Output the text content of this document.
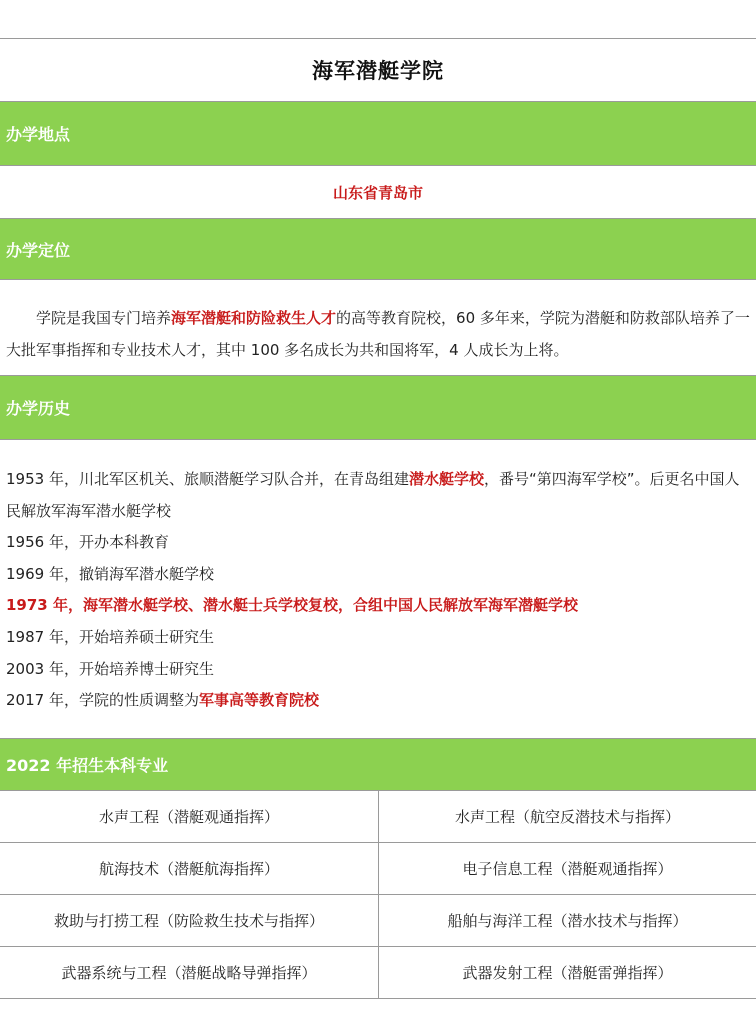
海军潜艇学院
办学地点
山东省青岛市
办学定位

学院是我国专门培养海军潜艇和防险救生人才的高等教育院校，60 多年来，学院为潜艇和防救部队培养了一大批军事指挥和专业技术人才，其中 100 多名成长为共和国将军，4 人成长为上将。

办学历史
1953 年，川北军区机关、旅顺潜艇学习队合并，在青岛组建潜水艇学校，番号“第四海军学校”。后更名中国人民解放军海军潜水艇学校
1956 年，开办本科教育
1969 年，撤销海军潜水艇学校
1973 年，海军潜水艇学校、潜水艇士兵学校复校，合组中国人民解放军海军潜艇学校
1987 年，开始培养硕士研究生
2003 年，开始培养博士研究生
2017 年，学院的性质调整为军事高等教育院校
2022 年招生本科专业
水声工程（潜艇观通指挥）	水声工程（航空反潜技术与指挥）
航海技术（潜艇航海指挥）	电子信息工程（潜艇观通指挥）
救助与打捞工程（防险救生技术与指挥）	船舶与海洋工程（潜水技术与指挥）
武器系统与工程（潜艇战略导弹指挥）	武器发射工程（潜艇雷弹指挥）
